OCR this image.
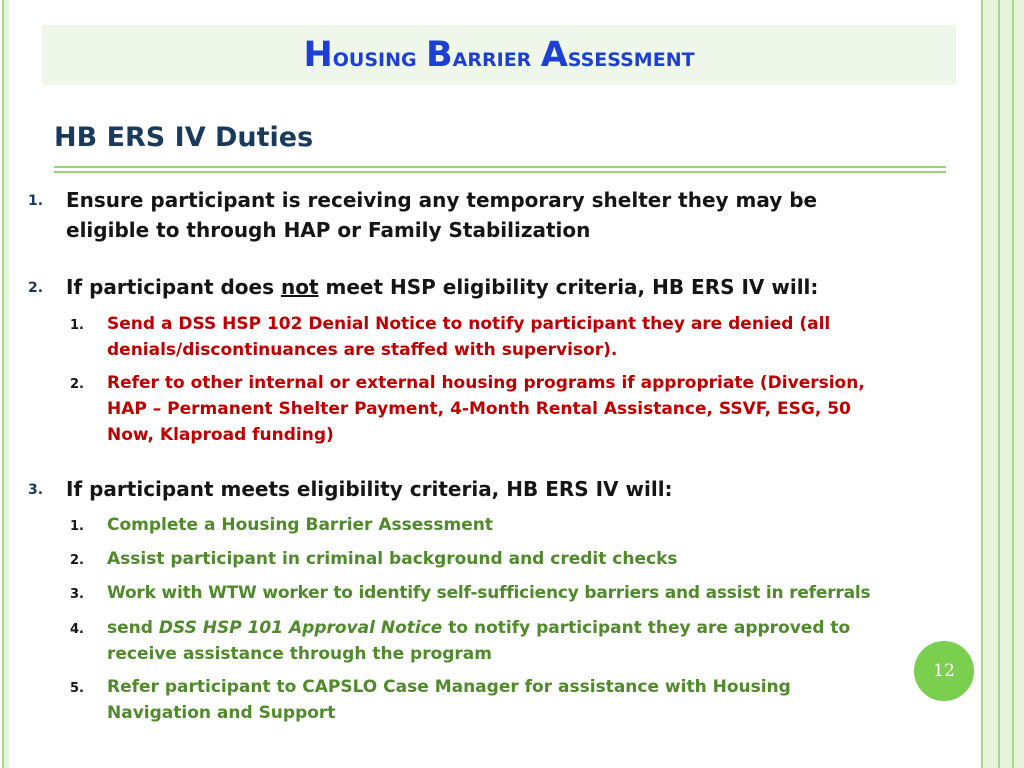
Housing Barrier Assessment
HB ERS IV Duties
1. Ensure participant is receiving any temporary shelter they may be
eligible to through HAP or Family Stabilization
2. If participant does not meet HSP eligibility criteria, HB ERS IV will:
1. Send a DSS HSP 102 Denial Notice to notify participant they are denied (all
denials/discontinuances are staffed with supervisor).
2. Refer to other internal or external housing programs if appropriate (Diversion,
HAP – Permanent Shelter Payment, 4-Month Rental Assistance, SSVF, ESG, 50
Now, Klaproad funding)
3. If participant meets eligibility criteria, HB ERS IV will:
1. Complete a Housing Barrier Assessment
2. Assist participant in criminal background and credit checks
3. Work with WTW worker to identify self-sufficiency barriers and assist in referrals
4. send DSS HSP 101 Approval Notice to notify participant they are approved to
receive assistance through the program
5. Refer participant to CAPSLO Case Manager for assistance with Housing
Navigation and Support
12
